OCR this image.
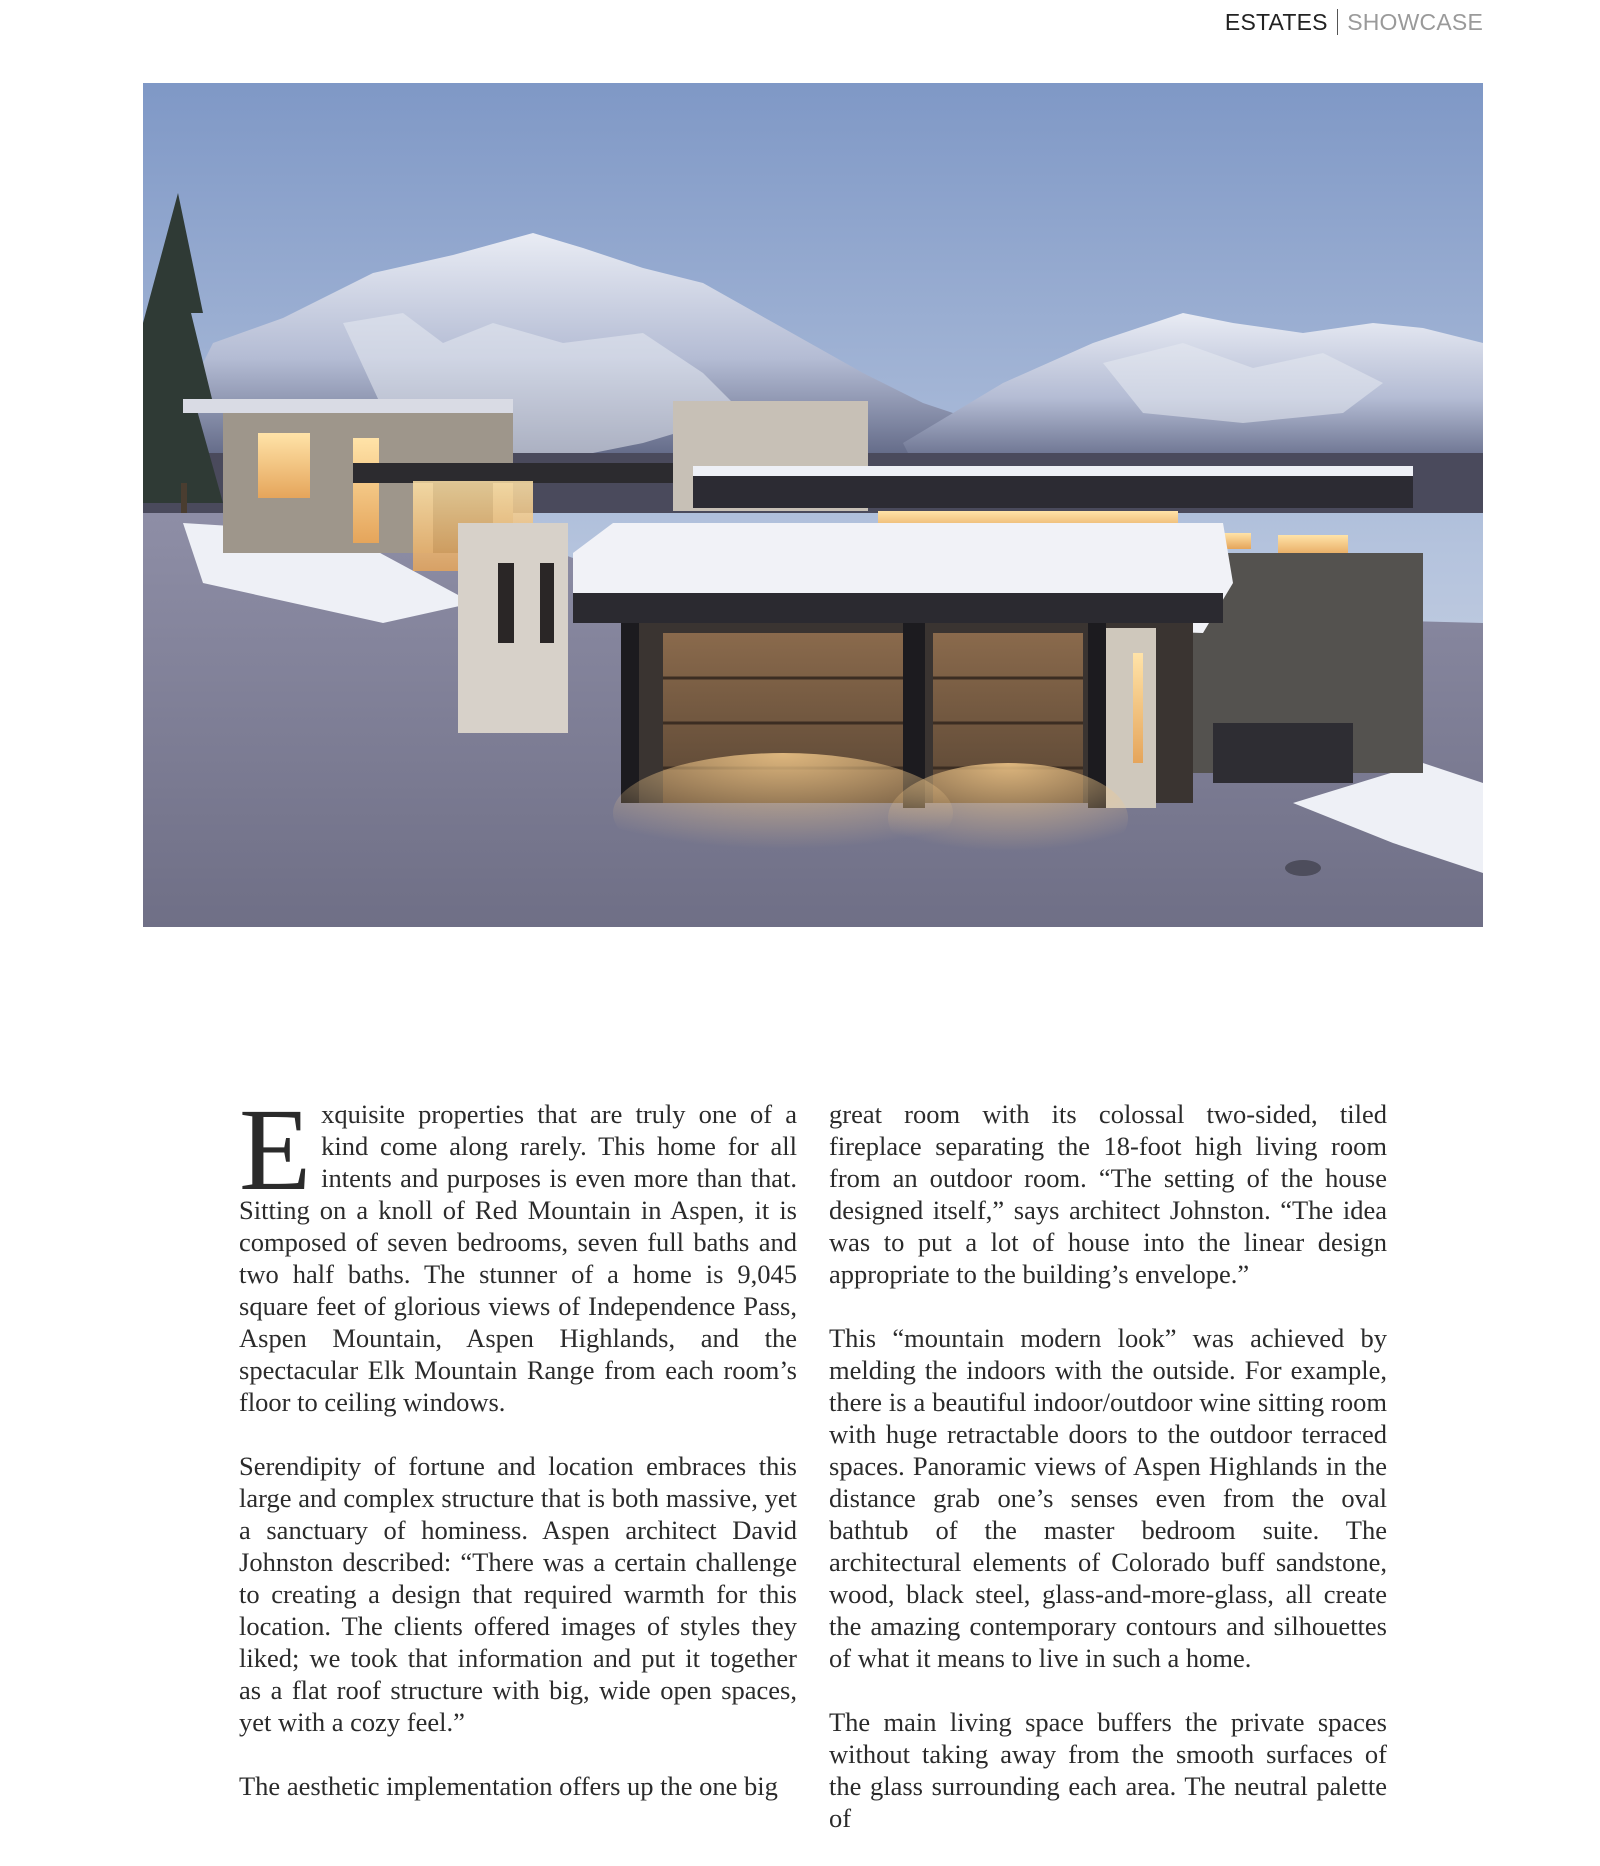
ESTATES SHOWCASE

Exquisite properties that are truly one of a kind come along rarely. This home for all intents and purposes is even more than that. Sitting on a knoll of Red Mountain in Aspen, it is composed of seven bedrooms, seven full baths and two half baths. The stunner of a home is 9,045 square feet of glorious views of Independence Pass, Aspen Mountain, Aspen Highlands, and the spectacular Elk Mountain Range from each room’s floor to ceiling windows.

Serendipity of fortune and location embraces this large and complex structure that is both massive, yet a sanctuary of hominess. Aspen architect David Johnston described: “There was a certain challenge to creating a design that required warmth for this location. The clients offered images of styles they liked; we took that information and put it together as a flat roof structure with big, wide open spaces, yet with a cozy feel.”

The aesthetic implementation offers up the one big

great room with its colossal two-sided, tiled fireplace separating the 18-foot high living room from an outdoor room. “The setting of the house designed itself,” says architect Johnston. “The idea was to put a lot of house into the linear design appropriate to the building’s envelope.”

This “mountain modern look” was achieved by melding the indoors with the outside. For example, there is a beautiful indoor/outdoor wine sitting room with huge retractable doors to the outdoor terraced spaces. Panoramic views of Aspen Highlands in the distance grab one’s senses even from the oval bathtub of the master bedroom suite. The architectural elements of Colorado buff sandstone, wood, black steel, glass-and-more-glass, all create the amazing contemporary contours and silhouettes of what it means to live in such a home.

The main living space buffers the private spaces without taking away from the smooth surfaces of the glass surrounding each area. The neutral palette of
